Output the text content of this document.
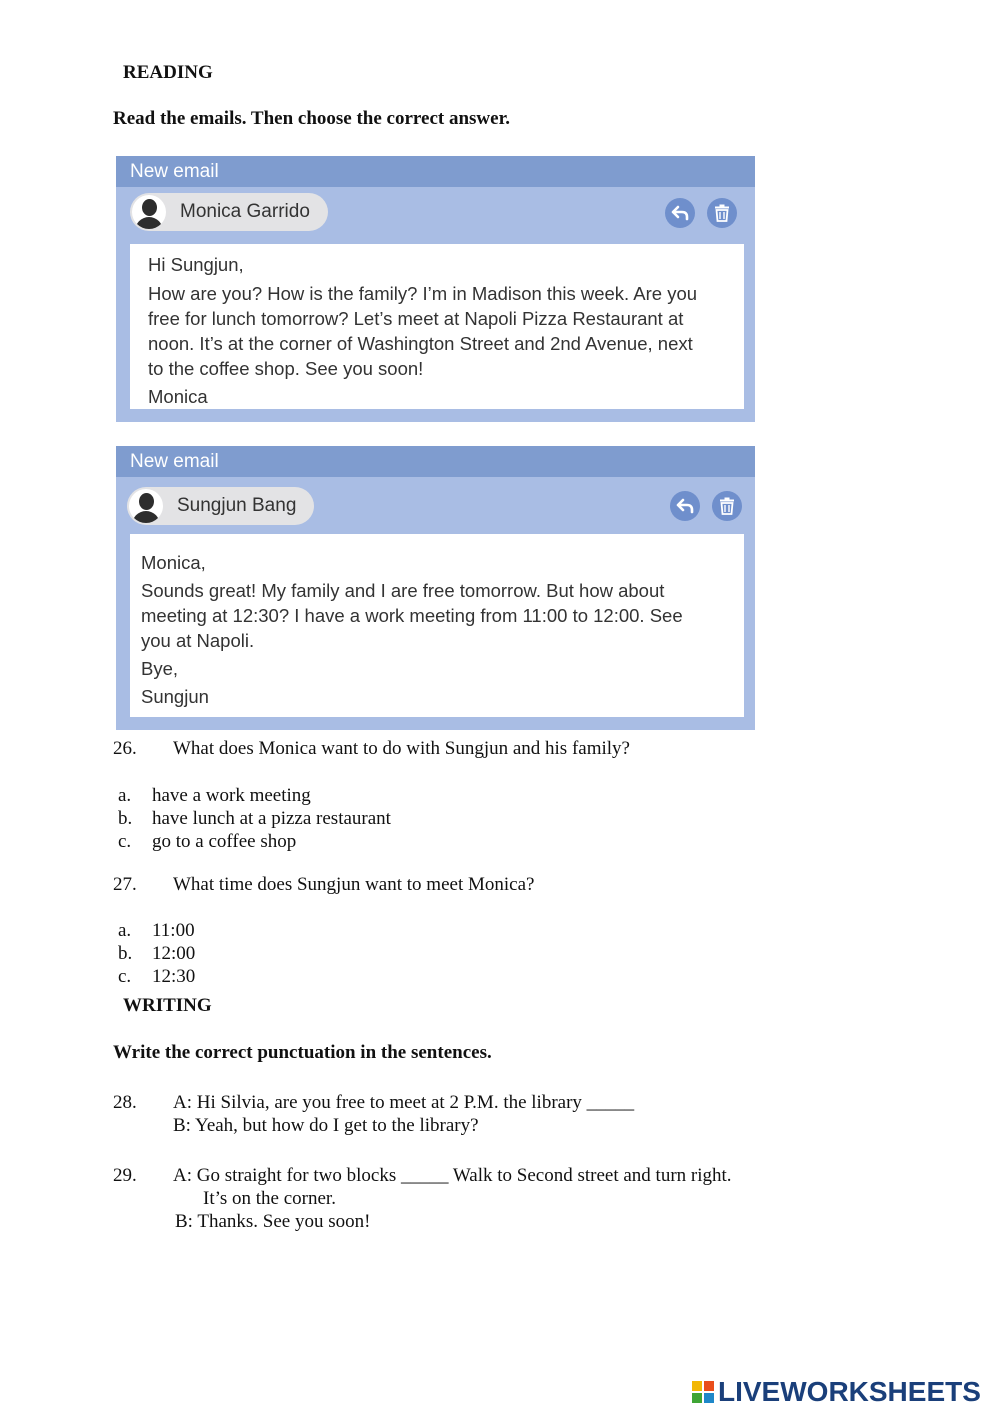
READING
Read the emails. Then choose the correct answer.
New email
Monica Garrido

Hi Sungjun,

How are you? How is the family? I’m in Madison this week. Are you

free for lunch tomorrow? Let’s meet at Napoli Pizza Restaurant at

noon. It’s at the corner of Washington Street and 2nd Avenue, next

to the coffee shop. See you soon!

Monica

New email
Sungjun Bang

Monica,

Sounds great! My family and I are free tomorrow. But how about

meeting at 12:30? I have a work meeting from 11:00 to 12:00. See

you at Napoli.

Bye,

Sungjun

26. What does Monica want to do with Sungjun and his family?
a. have a work meeting
b. have lunch at a pizza restaurant
c. go to a coffee shop
27. What time does Sungjun want to meet Monica?
a. 11:00
b. 12:00
c. 12:30
WRITING
Write the correct punctuation in the sentences.
28. A: Hi Silvia, are you free to meet at 2 P.M. the library _____
B: Yeah, but how do I get to the library?
29. A: Go straight for two blocks _____ Walk to Second street and turn right.
It’s on the corner.
B: Thanks. See you soon!
LIVEWORKSHEETS
